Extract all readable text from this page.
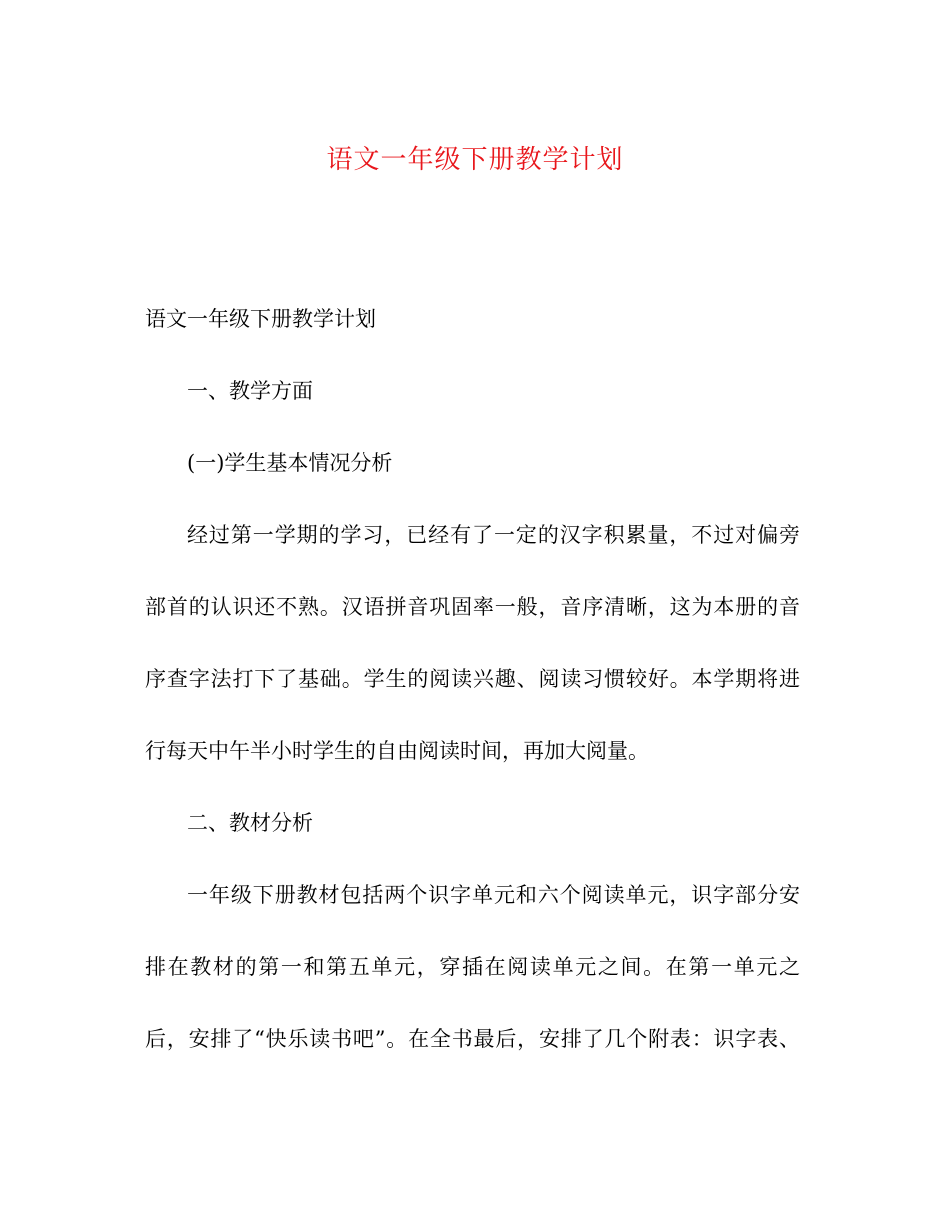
语文一年级下册教学计划
语文一年级下册教学计划
一、教学方面
(一)学生基本情况分析
经过第一学期的学习，已经有了一定的汉字积累量，不过对偏旁
部首的认识还不熟。汉语拼音巩固率一般，音序清晰，这为本册的音
序查字法打下了基础。学生的阅读兴趣、阅读习惯较好。本学期将进
行每天中午半小时学生的自由阅读时间，再加大阅量。
二、教材分析
一年级下册教材包括两个识字单元和六个阅读单元，识字部分安
排在教材的第一和第五单元，穿插在阅读单元之间。在第一单元之
后，安排了“快乐读书吧”。在全书最后，安排了几个附表：识字表、
